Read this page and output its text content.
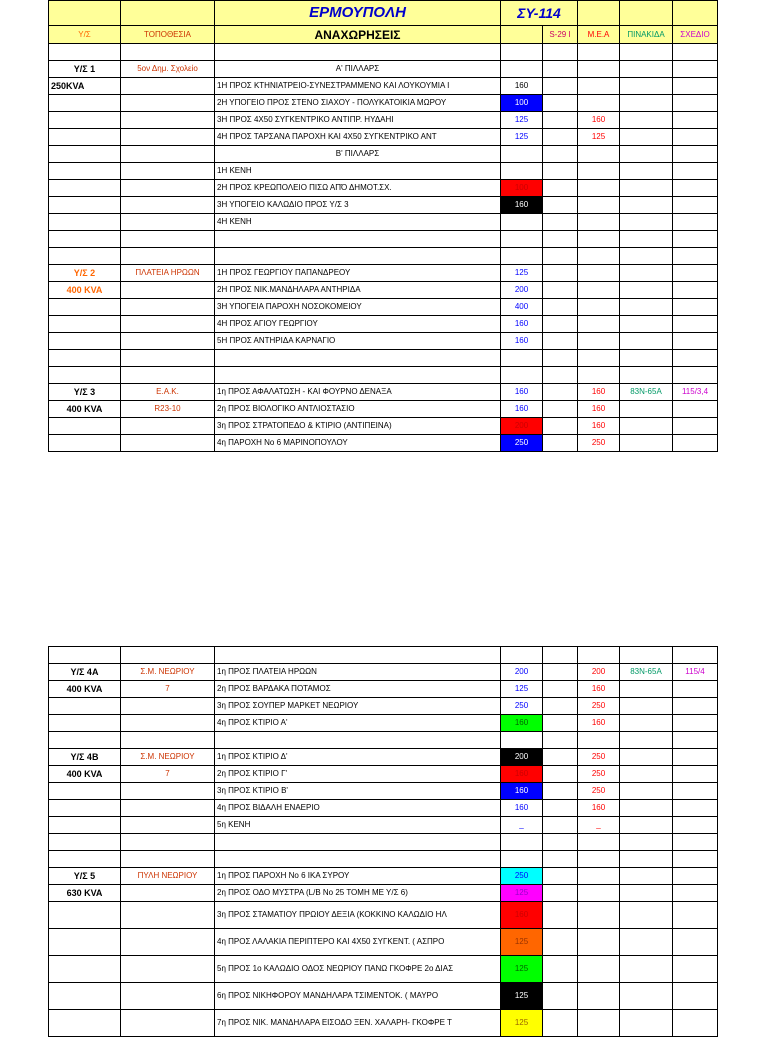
		ΕΡΜΟΥΠΟΛΗ	ΣΥ-114				
Υ/Σ	ΤΟΠΟΘΕΣΙΑ	ΑΝΑΧΩΡΗΣΕΙΣ		S-29 I	Μ.Ε.Α	ΠΙΝΑΚΙΔΑ	ΣΧΕΔΙΟ

Υ/Σ 1	5ον Δημ. Σχολείο	Α' ΠΙΛΛΑΡΣ					
250KVA		1Η ΠΡΟΣ ΚΤΗΝΙΑΤΡΕΙΟ-ΣΥΝΕΣΤΡΑΜΜΕΝΟ ΚΑΙ ΛΟΥΚΟΥΜΙΑ Ι	160				
		2Η ΥΠΟΓΕΙΟ ΠΡΟΣ ΣΤΕΝΟ ΣΙΑΧΟΥ - ΠΟΛΥΚΑΤΟΙΚΙΑ ΜΩΡΟΥ	100				
		3Η ΠΡΟΣ 4Χ50 ΣΥΓΚΕΝΤΡΙΚΟ ΑΝΤΙΠΡ. ΗΥΔΑΗΙ	125		160		
		4Η ΠΡΟΣ ΤΑΡΣΑΝΑ ΠΑΡΟΧΗ ΚΑΙ 4Χ50 ΣΥΓΚΕΝΤΡΙΚΟ ΑΝΤ	125		125		
		Β' ΠΙΛΛΑΡΣ					
		1Η ΚΕΝΗ					
		2Η ΠΡΟΣ ΚΡΕΩΠΟΛΕΙΟ ΠΙΣΩ ΑΠΌ ΔΗΜΟΤ.ΣΧ.	100				
		3Η ΥΠΟΓΕΙΟ ΚΑΛΩΔΙΟ ΠΡΟΣ Υ/Σ 3	160				
		4Η ΚΕΝΗ					

Υ/Σ 2	ΠΛΑΤΕΙΑ ΗΡΩΩΝ	1Η ΠΡΟΣ ΓΕΩΡΓΙΟΥ ΠΑΠΑΝΔΡΕΟΥ	125				
400 KVA		2Η ΠΡΟΣ ΝΙΚ.ΜΑΝΔΗΛΑΡΑ ΑΝΤΗΡΙΔΑ	200				
		3Η ΥΠΟΓΕΙΑ ΠΑΡΟΧΗ ΝΟΣΟΚΟΜΕΙΟΥ	400				
		4Η ΠΡΟΣ ΑΓΙΟΥ ΓΕΩΡΓΙΟΥ	160				
		5Η ΠΡΟΣ ΑΝΤΗΡΙΔΑ ΚΑΡΝΑΓΙΟ	160				

Υ/Σ 3	Ε.Α.Κ.	1η ΠΡΟΣ ΑΦΑΛΑΤΩΣΗ - ΚΑΙ ΦΟΥΡΝΟ ΔΕΝΑΞΑ	160		160	83Ν-65Α	115/3,4
400 KVA	R23-10	2η ΠΡΟΣ ΒΙΟΛΟΓΙΚΟ ΑΝΤΛΙΟΣΤΑΣΙΟ	160		160		
		3η ΠΡΟΣ ΣΤΡΑΤΟΠΕΔΟ & ΚΤΙΡΙΟ (ΑΝΤΙΠΕΙΝΑ)	200		160		
		4η ΠΑΡΟΧΗ Νο 6 ΜΑΡΙΝΟΠΟΥΛΟΥ	250		250		

Υ/Σ 4Α	Σ.Μ. ΝΕΩΡΙΟΥ	1η ΠΡΟΣ ΠΛΑΤΕΙΑ ΗΡΩΩΝ	200		200	83Ν-65Α	115/4
400 KVA	7	2η ΠΡΟΣ ΒΑΡΔΑΚΑ ΠΟΤΑΜΟΣ	125		160		
		3η ΠΡΟΣ ΣΟΥΠΕΡ ΜΑΡΚΕΤ ΝΕΩΡΙΟΥ	250		250		
		4η ΠΡΟΣ ΚΤΙΡΙΟ Α'	160		160		

Υ/Σ 4Β	Σ.Μ. ΝΕΩΡΙΟΥ	1η ΠΡΟΣ ΚΤΙΡΙΟ Δ'	200		250		
400 KVA	7	2η ΠΡΟΣ ΚΤΙΡΙΟ Γ'	160		250		
		3η ΠΡΟΣ ΚΤΙΡΙΟ Β'	160		250		
		4η ΠΡΟΣ ΒΙΔΑΛΗ ΕΝΑΕΡΙΟ	160		160		
		5η ΚΕΝΗ	_		_		

Υ/Σ 5	ΠΥΛΗ ΝΕΩΡΙΟΥ	1η ΠΡΟΣ ΠΑΡΟΧΗ Νο 6 ΙΚΑ ΣΥΡΟΥ	250				
630 KVA		2η ΠΡΟΣ ΟΔΟ ΜΥΣΤΡΑ (L/B Νο 25 ΤΟΜΗ ΜΕ Υ/Σ 6)	125				
		3η ΠΡΟΣ ΣΤΑΜΑΤΙΟΥ ΠΡΩΙΟΥ ΔΕΞΙΑ (ΚΟΚΚΙΝΟ ΚΑΛΩΔΙΟ ΗΛ	160				
		4η ΠΡΟΣ ΛΑΛΑΚΙΑ ΠΕΡΙΠΤΕΡΟ ΚΑΙ 4Χ50 ΣΥΓΚΕΝΤ. ( ΑΣΠΡΟ	125				
		5η ΠΡΟΣ 1ο ΚΑΛΩΔΙΟ ΟΔΟΣ ΝΕΩΡΙΟΥ ΠΑΝΩ ΓΚΟΦΡΕ 2ο ΔΙΑΣ	125				
		6η ΠΡΟΣ ΝΙΚΗΦΟΡΟΥ ΜΑΝΔΗΛΑΡΑ ΤΣΙΜΕΝΤΟΚ. ( ΜΑΥΡΟ	125				
		7η ΠΡΟΣ ΝΙΚ. ΜΑΝΔΗΛΑΡΑ ΕΙΣΟΔΟ ΞΕΝ. ΧΑΛΑΡΗ- ΓΚΟΦΡΕ Τ	125				
